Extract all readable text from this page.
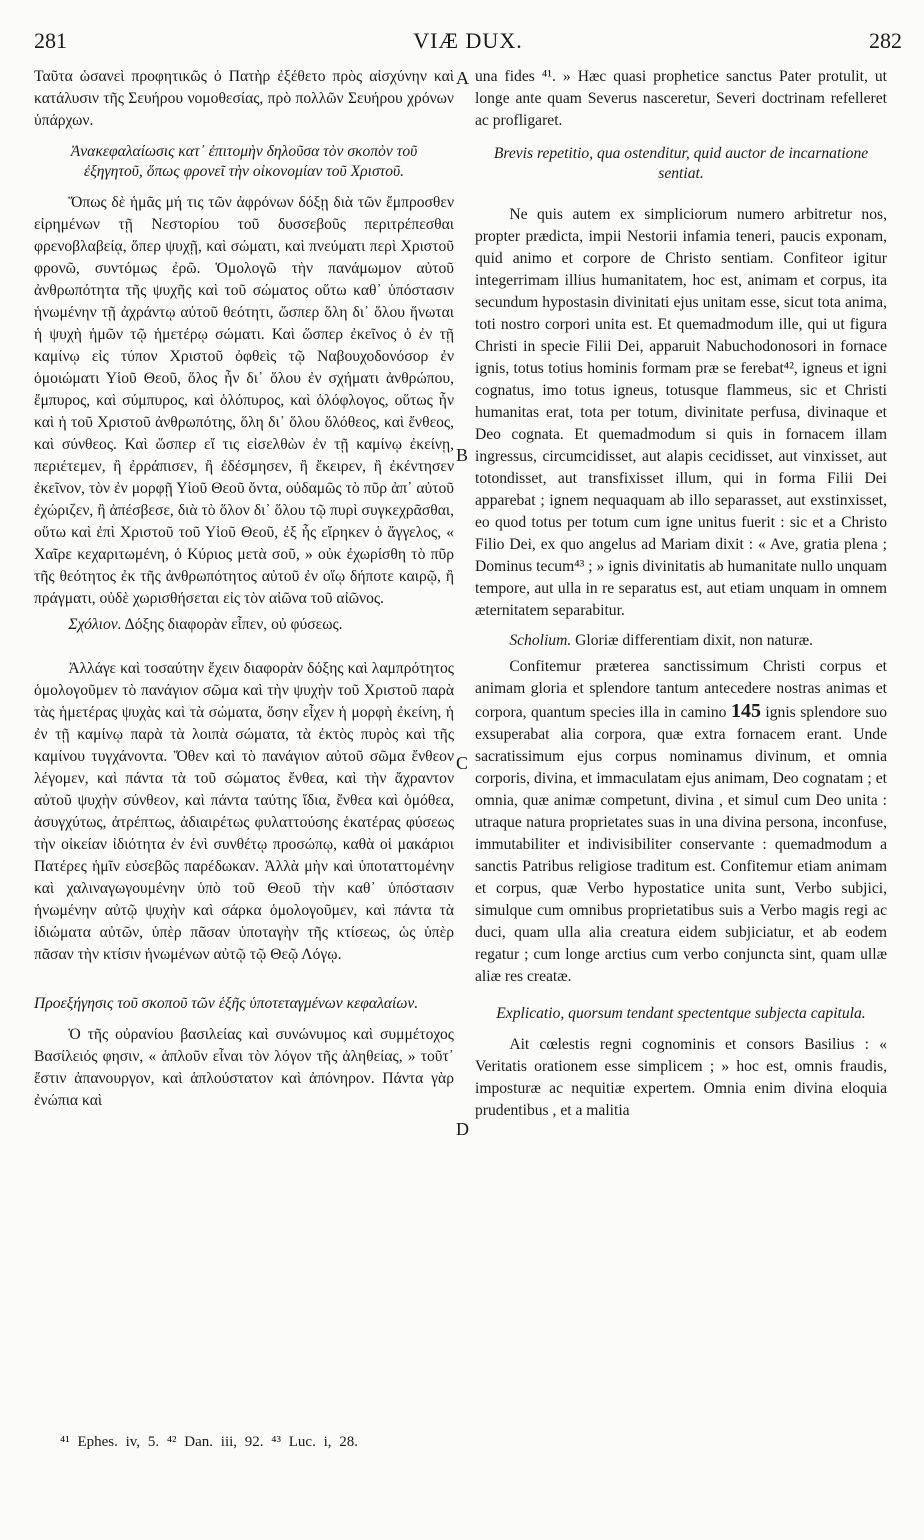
281	VIÆ DUX.	282
A
B
C
D

Ταῦτα ὡσανεὶ προφητικῶς ὁ Πατὴρ ἐξέθετο πρὸς αἰσχύνην καὶ κατάλυσιν τῆς Σευήρου νομοθεσίας, πρὸ πολλῶν Σευήρου χρόνων ὑπάρχων.

Ἀνακεφαλαίωσις κατ᾽ ἐπιτομὴν δηλοῦσα τὸν σκοπὸν τοῦ ἐξηγητοῦ, ὅπως φρονεῖ τὴν οἰκονομίαν τοῦ Χριστοῦ.

Ὅπως δὲ ἡμᾶς μή τις τῶν ἀφρόνων δόξῃ διὰ τῶν ἔμπροσθεν εἰρημένων τῇ Νεστορίου τοῦ δυσσεβοῦς περιτρέπεσθαι φρενοβλαβείᾳ, ὅπερ ψυχῇ, καὶ σώματι, καὶ πνεύματι περὶ Χριστοῦ φρονῶ, συντόμως ἐρῶ. Ὁμολογῶ τὴν πανάμωμον αὐτοῦ ἀνθρωπότητα τῆς ψυχῆς καὶ τοῦ σώματος οὕτω καθ᾽ ὑπόστασιν ἡνωμένην τῇ ἀχράντῳ αὐτοῦ θεότητι, ὥσπερ ὅλη δι᾽ ὅλου ἥνωται ἡ ψυχὴ ἡμῶν τῷ ἡμετέρῳ σώματι. Καὶ ὥσπερ ἐκεῖνος ὁ ἐν τῇ καμίνῳ εἰς τύπον Χριστοῦ ὀφθεὶς τῷ Ναβουχοδονόσορ ἐν ὁμοιώματι Υἱοῦ Θεοῦ, ὅλος ἦν δι᾽ ὅλου ἐν σχήματι ἀνθρώπου, ἔμπυρος, καὶ σύμπυρος, καὶ ὁλόπυρος, καὶ ὁλόφλογος, οὕτως ἦν καὶ ἡ τοῦ Χριστοῦ ἀνθρωπότης, ὅλη δι᾽ ὅλου ὅλόθεος, καὶ ἔνθεος, καὶ σύνθεος. Καὶ ὥσπερ εἴ τις εἰσελθὼν ἐν τῇ καμίνῳ ἐκείνῃ, περιέτεμεν, ἢ ἐρράπισεν, ἢ ἐδέσμησεν, ἢ ἔκειρεν, ἢ ἐκέντησεν ἐκεῖνον, τὸν ἐν μορφῇ Υἱοῦ Θεοῦ ὄντα, οὐδαμῶς τὸ πῦρ ἀπ᾽ αὐτοῦ ἐχώριζεν, ἢ ἀπέσβεσε, διὰ τὸ ὅλον δι᾽ ὅλου τῷ πυρὶ συγκεχρᾶσθαι, οὕτω καὶ ἐπὶ Χριστοῦ τοῦ Υἱοῦ Θεοῦ, ἐξ ἧς εἴρηκεν ὁ ἄγγελος, « Χαῖρε κεχαριτωμένη, ὁ Κύριος μετὰ σοῦ, » οὐκ ἐχωρίσθη τὸ πῦρ τῆς θεότητος ἐκ τῆς ἀνθρωπότητος αὐτοῦ ἐν οἵῳ δήποτε καιρῷ, ἢ πράγματι, οὐδὲ χωρισθήσεται εἰς τὸν αἰῶνα τοῦ αἰῶνος.

Σχόλιον. Δόξης διαφορὰν εἶπεν, οὐ φύσεως.

Ἀλλάγε καὶ τοσαύτην ἔχειν διαφορὰν δόξης καὶ λαμπρότητος ὁμολογοῦμεν τὸ πανάγιον σῶμα καὶ τὴν ψυχὴν τοῦ Χριστοῦ παρὰ τὰς ἡμετέρας ψυχὰς καὶ τὰ σώματα, ὅσην εἶχεν ἡ μορφὴ ἐκείνη, ἡ ἐν τῇ καμίνῳ παρὰ τὰ λοιπὰ σώματα, τὰ ἐκτὸς πυρὸς καὶ τῆς καμίνου τυγχάνοντα. Ὅθεν καὶ τὸ πανάγιον αὐτοῦ σῶμα ἔνθεον λέγομεν, καὶ πάντα τὰ τοῦ σώματος ἔνθεα, καὶ τὴν ἄχραντον αὐτοῦ ψυχὴν σύνθεον, καὶ πάντα ταύτης ἴδια, ἔνθεα καὶ ὁμόθεα, ἀσυγχύτως, ἀτρέπτως, ἀδιαιρέτως φυλαττούσης ἑκατέρας φύσεως τὴν οἰκείαν ἰδιότητα ἐν ἑνὶ συνθέτῳ προσώπῳ, καθὰ οἱ μακάριοι Πατέρες ἡμῖν εὐσεβῶς παρέδωκαν. Ἀλλὰ μὴν καὶ ὑποταττομένην καὶ χαλιναγωγουμένην ὑπὸ τοῦ Θεοῦ τὴν καθ᾽ ὑπόστασιν ἡνωμένην αὐτῷ ψυχὴν καὶ σάρκα ὁμολογοῦμεν, καὶ πάντα τὰ ἰδιώματα αὐτῶν, ὑπὲρ πᾶσαν ὑποταγὴν τῆς κτίσεως, ὡς ὑπὲρ πᾶσαν τὴν κτίσιν ἡνωμένων αὐτῷ τῷ Θεῷ Λόγῳ.

Προεξήγησις τοῦ σκοποῦ τῶν ἑξῆς ὑποτεταγμένων κεφαλαίων.

Ὁ τῆς οὐρανίου βασιλείας καὶ συνώνυμος καὶ συμμέτοχος Βασίλειός φησιν, « ἁπλοῦν εἶναι τὸν λόγον τῆς ἀληθείας, » τοῦτ᾽ ἔστιν ἀπανουργον, καὶ ἁπλούστατον καὶ ἀπόνηρον. Πάντα γὰρ ἐνώπια καὶ

una fides ⁴¹. » Hæc quasi prophetice sanctus Pater protulit, ut longe ante quam Severus nasceretur, Severi doctrinam refelleret ac profligaret.

Brevis repetitio, qua ostenditur, quid auctor de incarnatione sentiat.

Ne quis autem ex simpliciorum numero arbitretur nos, propter prædicta, impii Nestorii infamia teneri, paucis exponam, quid animo et corpore de Christo sentiam. Confiteor igitur integerrimam illius humanitatem, hoc est, animam et corpus, ita secundum hypostasin divinitati ejus unitam esse, sicut tota anima, toti nostro corpori unita est. Et quemadmodum ille, qui ut figura Christi in specie Filii Dei, apparuit Nabuchodonosori in fornace ignis, totus totius hominis formam præ se ferebat⁴², igneus et igni cognatus, imo totus igneus, totusque flammeus, sic et Christi humanitas erat, tota per totum, divinitate perfusa, divinaque et Deo cognata. Et quemadmodum si quis in fornacem illam ingressus, circumcidisset, aut alapis cecidisset, aut vinxisset, aut totondisset, aut transfixisset illum, qui in forma Filii Dei apparebat ; ignem nequaquam ab illo separasset, aut exstinxisset, eo quod totus per totum cum igne unitus fuerit : sic et a Christo Filio Dei, ex quo angelus ad Mariam dixit : « Ave, gratia plena ; Dominus tecum⁴³ ; » ignis divinitatis ab humanitate nullo unquam tempore, aut ulla in re separatus est, aut etiam unquam in omnem æternitatem separabitur.

Scholium. Gloriæ differentiam dixit, non naturæ.

Confitemur præterea sanctissimum Christi corpus et animam gloria et splendore tantum antecedere nostras animas et corpora, quantum species illa in camino 145 ignis splendore suo exsuperabat alia corpora, quæ extra fornacem erant. Unde sacratissimum ejus corpus nominamus divinum, et omnia corporis, divina, et immaculatam ejus animam, Deo cognatam ; et omnia, quæ animæ competunt, divina , et simul cum Deo unita : utraque natura proprietates suas in una divina persona, inconfuse, immutabiliter et indivisibiliter conservante : quemadmodum a sanctis Patribus religiose traditum est. Confitemur etiam animam et corpus, quæ Verbo hypostatice unita sunt, Verbo subjici, simulque cum omnibus proprietatibus suis a Verbo magis regi ac duci, quam ulla alia creatura eidem subjiciatur, et ab eodem regatur ; cum longe arctius cum verbo conjuncta sint, quam ullæ aliæ res creatæ.

Explicatio, quorsum tendant spectentque subjecta capitula.

Ait cœlestis regni cognominis et consors Basilius : « Veritatis orationem esse simplicem ; » hoc est, omnis fraudis, imposturæ ac nequitiæ expertem. Omnia enim divina eloquia prudentibus , et a malitia

⁴¹ Ephes. iv, 5. ⁴² Dan. iii, 92. ⁴³ Luc. i, 28.
